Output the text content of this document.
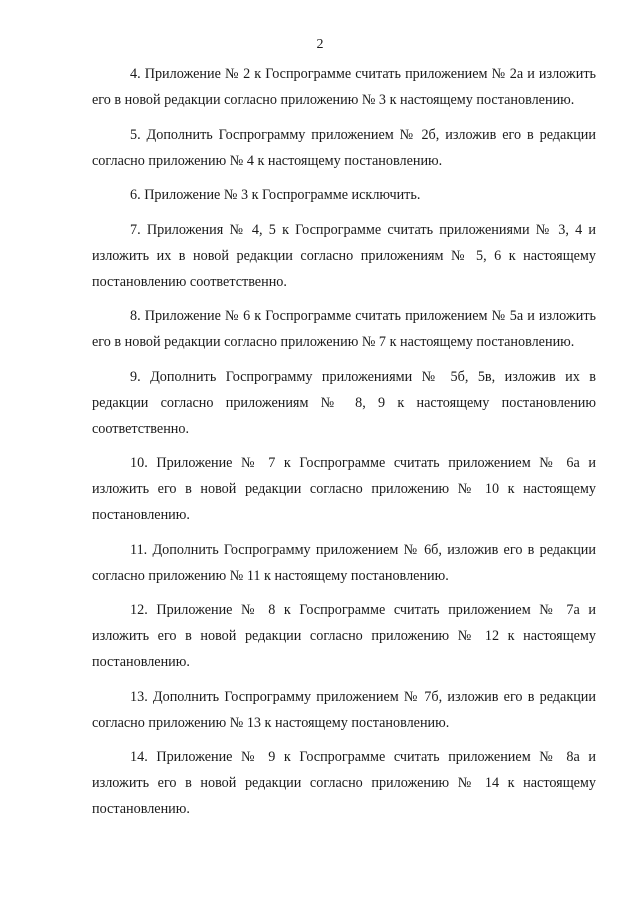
2

4. Приложение № 2 к Госпрограмме считать приложением № 2а и изложить его в новой редакции согласно приложению № 3 к настоящему постановлению.

5. Дополнить Госпрограмму приложением № 2б, изложив его в редакции согласно приложению № 4 к настоящему постановлению.

6. Приложение № 3 к Госпрограмме исключить.

7. Приложения № 4, 5 к Госпрограмме считать приложениями № 3, 4 и изложить их в новой редакции согласно приложениям № 5, 6 к настоящему постановлению соответственно.

8. Приложение № 6 к Госпрограмме считать приложением № 5а и изложить его в новой редакции согласно приложению № 7 к настоящему постановлению.

9. Дополнить Госпрограмму приложениями № 5б, 5в, изложив их в редакции согласно приложениям № 8, 9 к настоящему постановлению соответственно.

10. Приложение № 7 к Госпрограмме считать приложением № 6а и изложить его в новой редакции согласно приложению № 10 к настоящему постановлению.

11. Дополнить Госпрограмму приложением № 6б, изложив его в редакции согласно приложению № 11 к настоящему постановлению.

12. Приложение № 8 к Госпрограмме считать приложением № 7а и изложить его в новой редакции согласно приложению № 12 к настоящему постановлению.

13. Дополнить Госпрограмму приложением № 7б, изложив его в редакции согласно приложению № 13 к настоящему постановлению.

14. Приложение № 9 к Госпрограмме считать приложением № 8а и изложить его в новой редакции согласно приложению № 14 к настоящему постановлению.
